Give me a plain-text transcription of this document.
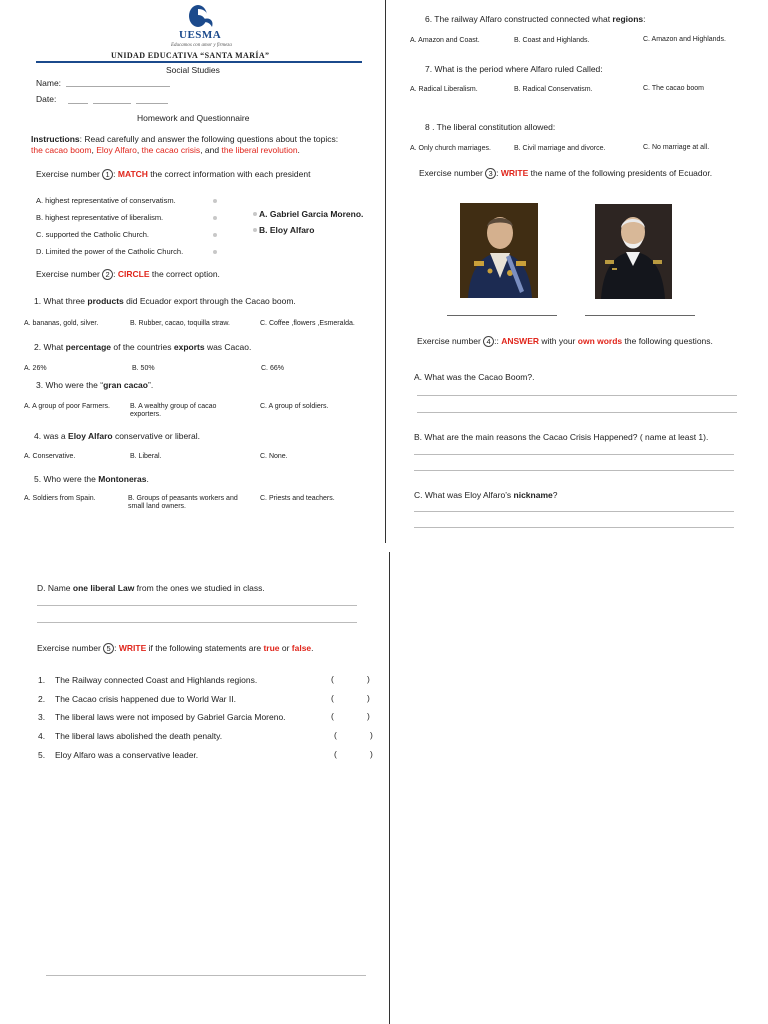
UESMA
Educamos con amor y firmeza
UNIDAD EDUCATIVA “SANTA MARÍA”
Social Studies
Name:
Date:
Homework and Questionnaire
Instructions: Read carefully and answer the following questions about the topics:
the cacao boom, Eloy Alfaro, the cacao crisis, and the liberal revolution.
Exercise number 1 : MATCH the correct information with each president
A. highest representative of conservatism.
B. highest representative of liberalism.
C. supported the Catholic Church.
D. Limited the power of the Catholic Church.
A. Gabriel Garcia Moreno.
B. Eloy Alfaro
Exercise number 2 : CIRCLE the correct option.
1. What three products did Ecuador export through the Cacao boom.
A. bananas, gold, silver.	B. Rubber, cacao, toquilla straw.	C. Coffee ,flowers ,Esmeralda.
2. What percentage of the countries exports was Cacao.
A. 26%	B. 50%	C. 66%
3. Who were the “gran cacao”.
A. A group of poor Farmers.	B. A wealthy group of cacao exporters.
C. A group of soldiers.
4. was a Eloy Alfaro conservative or liberal.
A. Conservative.	B. Liberal.	C. None.
5. Who were the Montoneras.
A. Soldiers from Spain.	B. Groups of peasants workers and small land owners.
C. Priests and teachers.
6. The railway Alfaro constructed connected what regions:
A. Amazon and Coast.	B. Coast and Highlands.	C. Amazon and Highlands.
7. What is the period where Alfaro ruled Called:
A. Radical Liberalism.	B. Radical Conservatism.	C. The cacao boom
8 . The liberal constitution allowed:
A. Only church marriages.	B. Civil marriage and divorce.	C. No marriage at all.
Exercise number 3 : WRITE the name of the following presidents of Ecuador.
Exercise number 4 :: ANSWER with your own words the following questions.
A. What was the Cacao Boom?.
B. What are the main reasons the Cacao Crisis Happened? ( name at least 1).
C. What was Eloy Alfaro’s nickname?
D. Name one liberal Law from the ones we studied in class.
Exercise number 5 : WRITE if the following statements are true or false.
1. The Railway connected Coast and Highlands regions.	(	)
2. The Cacao crisis happened due to World War II.	(	)
3. The liberal laws were not imposed by Gabriel Garcia Moreno.	(	)
4. The liberal laws abolished the death penalty.	(	)
5. Eloy Alfaro was a conservative leader.	(	)
